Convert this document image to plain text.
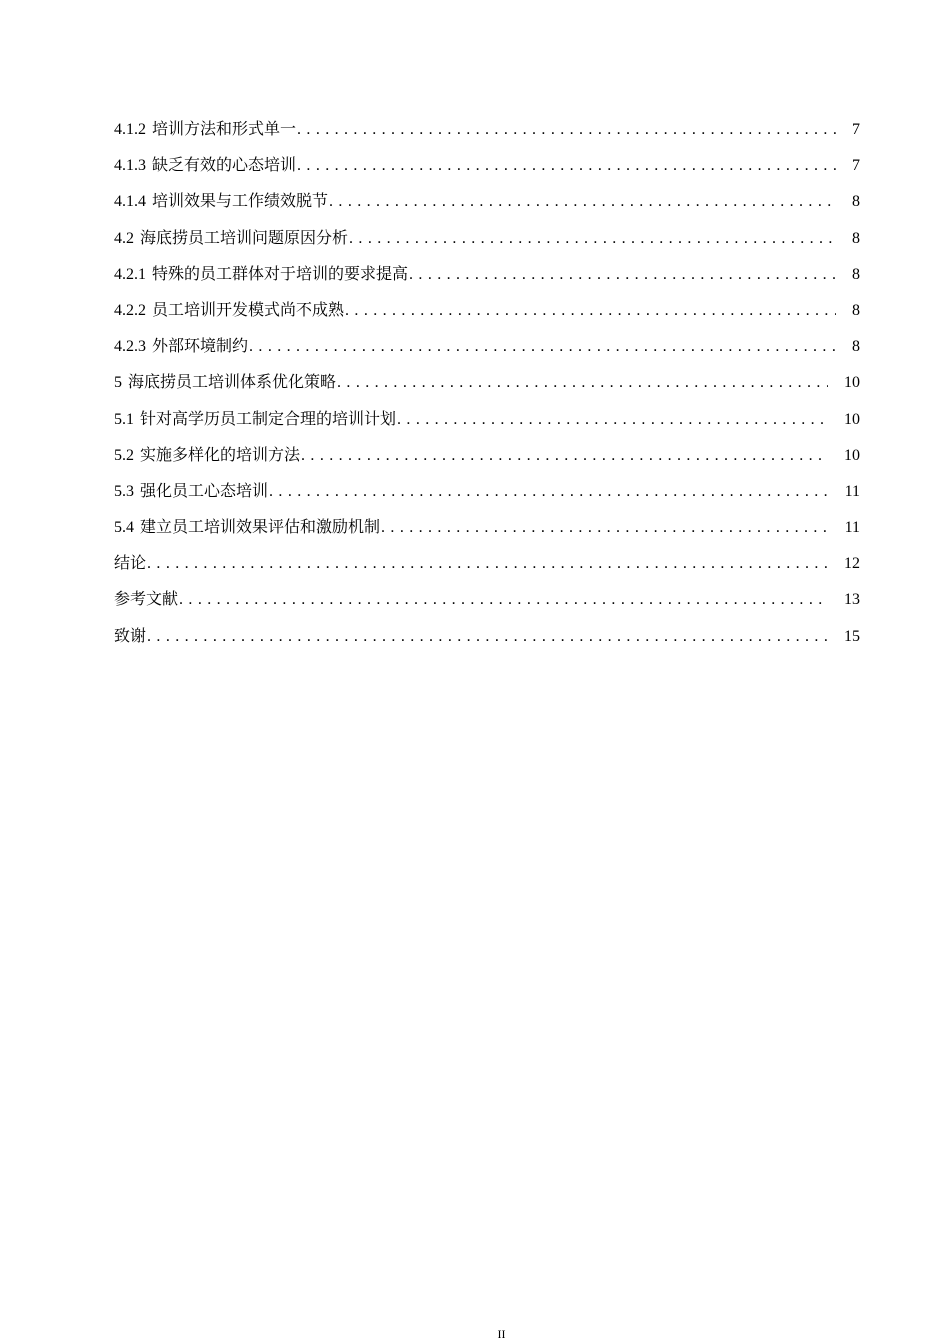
4.1.2 培训方法和形式单一 . . .	7
4.1.3 缺乏有效的心态培训 . . .	7
4.1.4 培训效果与工作绩效脱节 . . .	8
4.2 海底捞员工培训问题原因分析 . . .	8
4.2.1 特殊的员工群体对于培训的要求提高 . . .	8
4.2.2 员工培训开发模式尚不成熟 . . .	8
4.2.3 外部环境制约 . . .	8
5 海底捞员工培训体系优化策略 . . .	10
5.1 针对高学历员工制定合理的培训计划 . . .	10
5.2 实施多样化的培训方法 . . .	10
5.3 强化员工心态培训 . . .	11
5.4 建立员工培训效果评估和激励机制 . . .	11
结论 . . .	12
参考文献 . . .	13
致谢 . . .	15
II
